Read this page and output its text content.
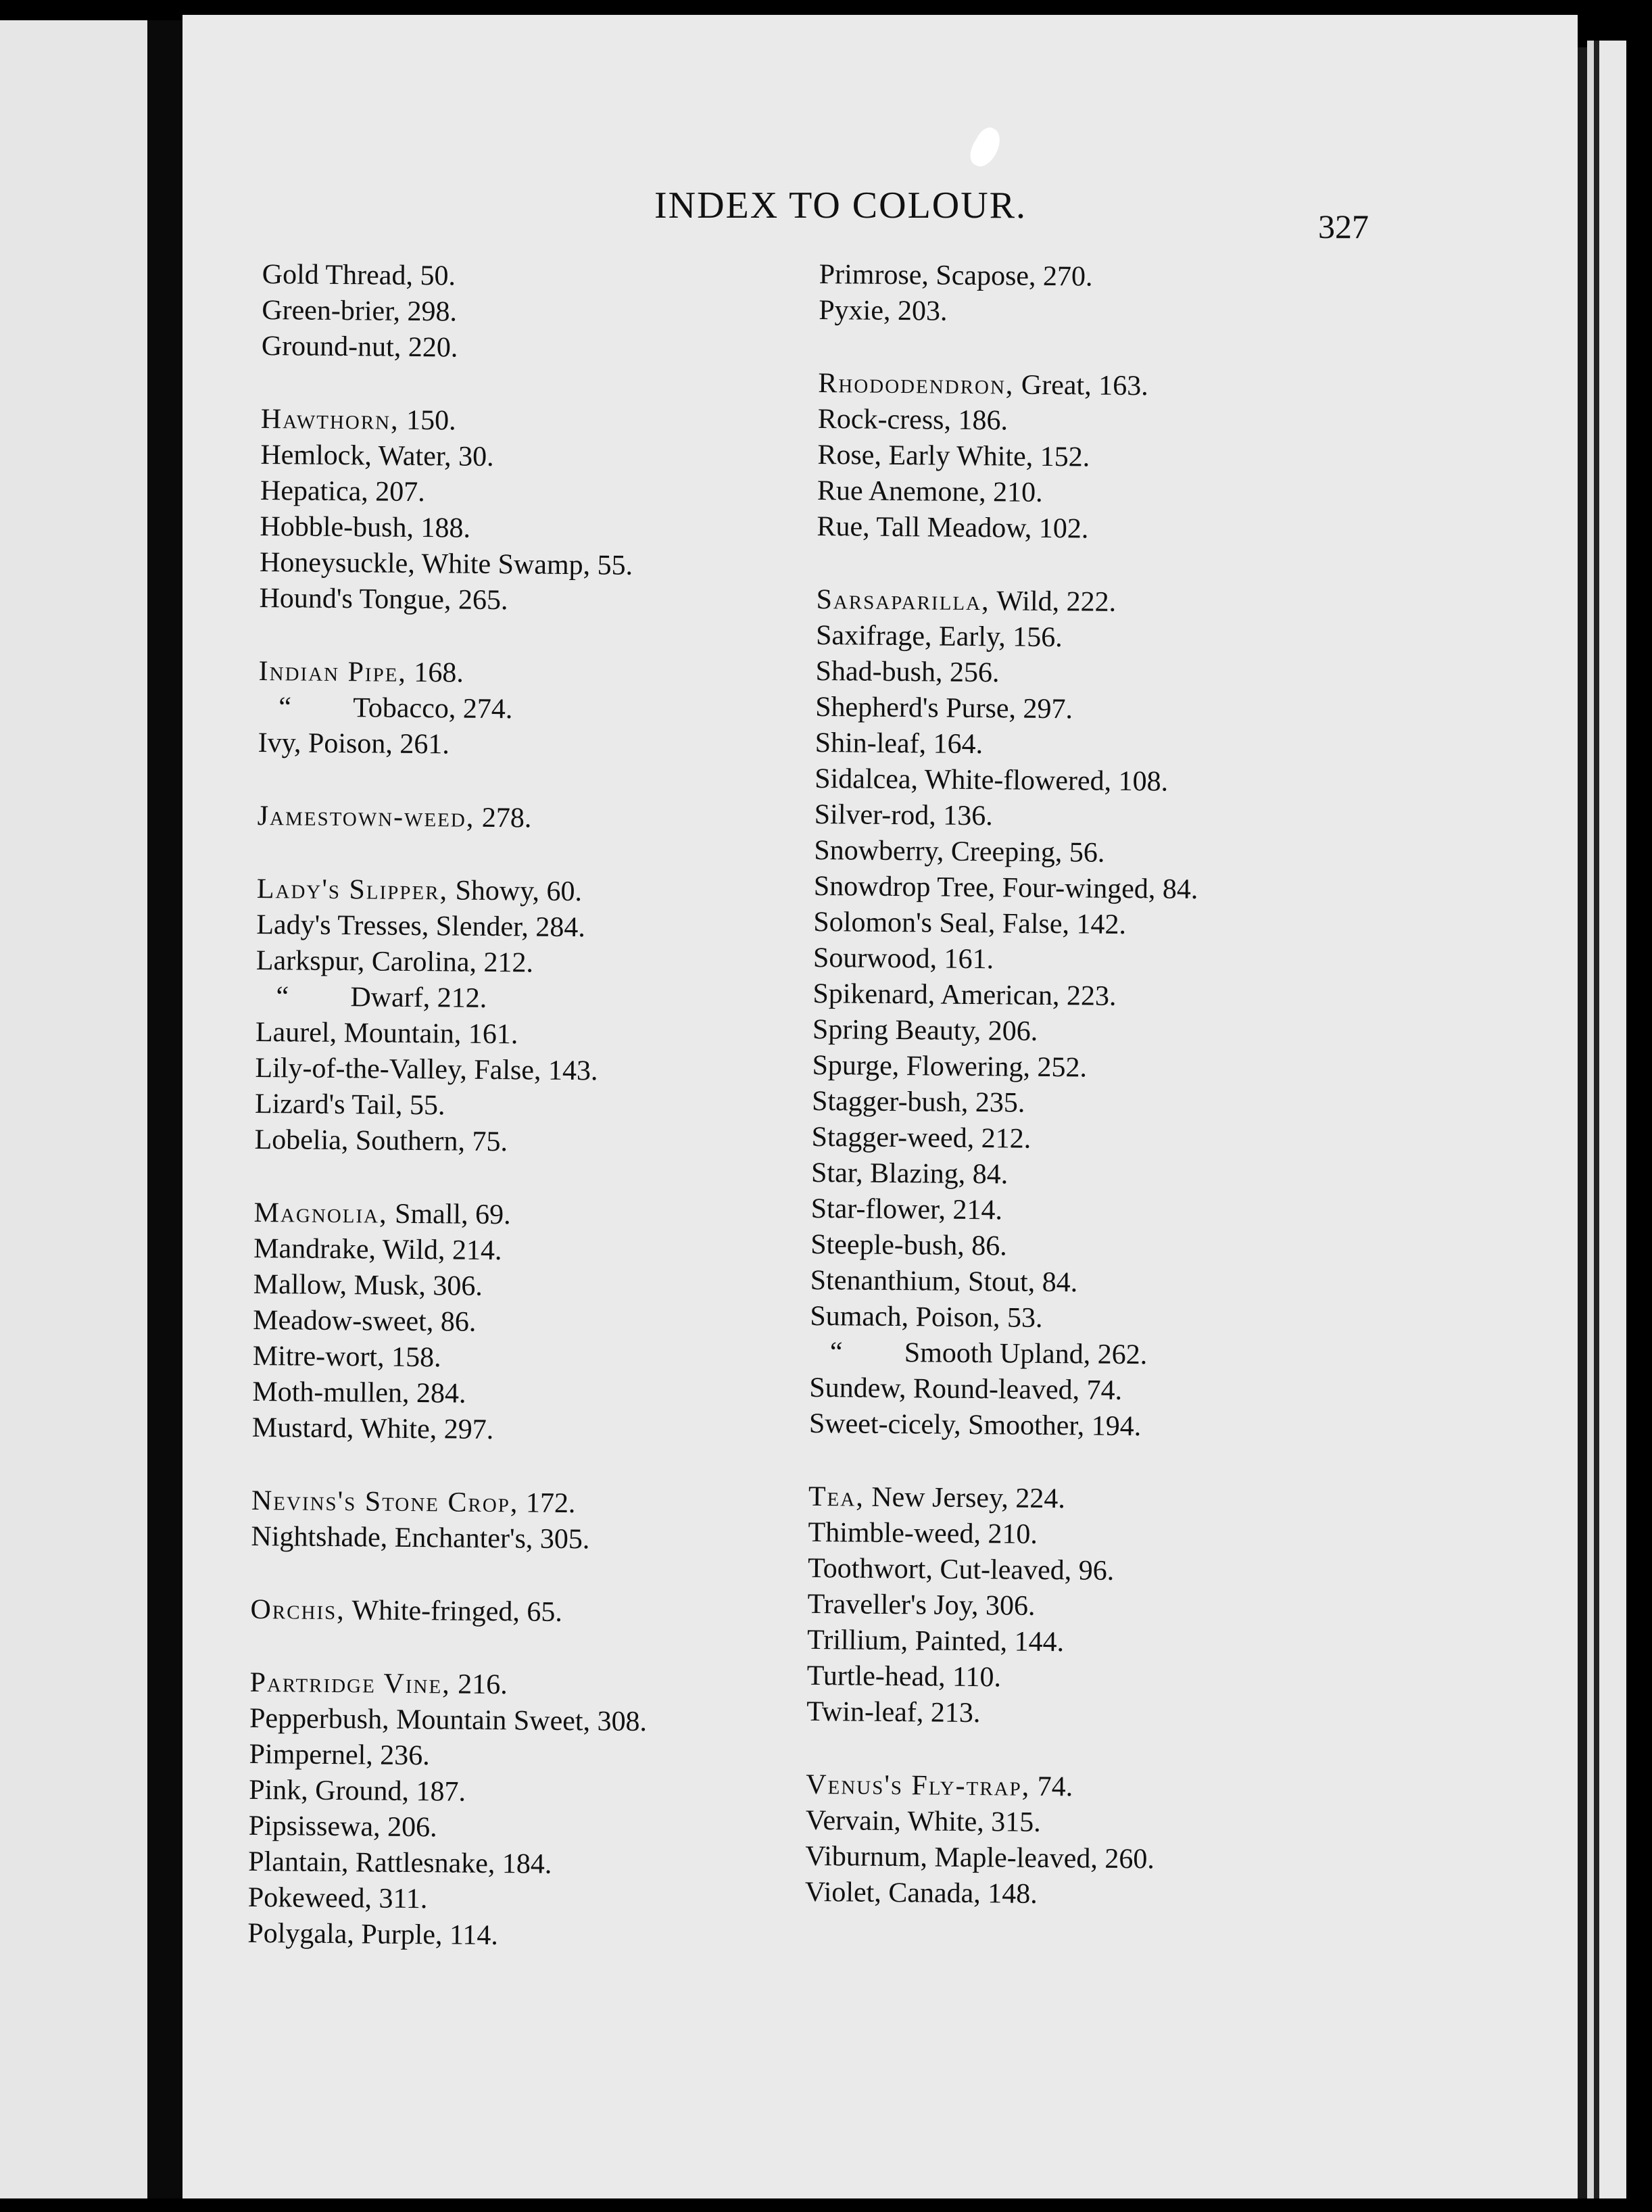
INDEX TO COLOUR.	327
Gold Thread, 50.
Green-brier, 298.
Ground-nut, 220.
Hawthorn, 150.
Hemlock, Water, 30.
Hepatica, 207.
Hobble-bush, 188.
Honeysuckle, White Swamp, 55.
Hound's Tongue, 265.
Indian Pipe, 168.
“ Tobacco, 274.
Ivy, Poison, 261.
Jamestown-weed, 278.
Lady's Slipper, Showy, 60.
Lady's Tresses, Slender, 284.
Larkspur, Carolina, 212.
“ Dwarf, 212.
Laurel, Mountain, 161.
Lily-of-the-Valley, False, 143.
Lizard's Tail, 55.
Lobelia, Southern, 75.
Magnolia, Small, 69.
Mandrake, Wild, 214.
Mallow, Musk, 306.
Meadow-sweet, 86.
Mitre-wort, 158.
Moth-mullen, 284.
Mustard, White, 297.
Nevins's Stone Crop, 172.
Nightshade, Enchanter's, 305.
Orchis, White-fringed, 65.
Partridge Vine, 216.
Pepperbush, Mountain Sweet, 308.
Pimpernel, 236.
Pink, Ground, 187.
Pipsissewa, 206.
Plantain, Rattlesnake, 184.
Pokeweed, 311.
Polygala, Purple, 114.
Primrose, Scapose, 270.
Pyxie, 203.
Rhododendron, Great, 163.
Rock-cress, 186.
Rose, Early White, 152.
Rue Anemone, 210.
Rue, Tall Meadow, 102.
Sarsaparilla, Wild, 222.
Saxifrage, Early, 156.
Shad-bush, 256.
Shepherd's Purse, 297.
Shin-leaf, 164.
Sidalcea, White-flowered, 108.
Silver-rod, 136.
Snowberry, Creeping, 56.
Snowdrop Tree, Four-winged, 84.
Solomon's Seal, False, 142.
Sourwood, 161.
Spikenard, American, 223.
Spring Beauty, 206.
Spurge, Flowering, 252.
Stagger-bush, 235.
Stagger-weed, 212.
Star, Blazing, 84.
Star-flower, 214.
Steeple-bush, 86.
Stenanthium, Stout, 84.
Sumach, Poison, 53.
“ Smooth Upland, 262.
Sundew, Round-leaved, 74.
Sweet-cicely, Smoother, 194.
Tea, New Jersey, 224.
Thimble-weed, 210.
Toothwort, Cut-leaved, 96.
Traveller's Joy, 306.
Trillium, Painted, 144.
Turtle-head, 110.
Twin-leaf, 213.
Venus's Fly-trap, 74.
Vervain, White, 315.
Viburnum, Maple-leaved, 260.
Violet, Canada, 148.
